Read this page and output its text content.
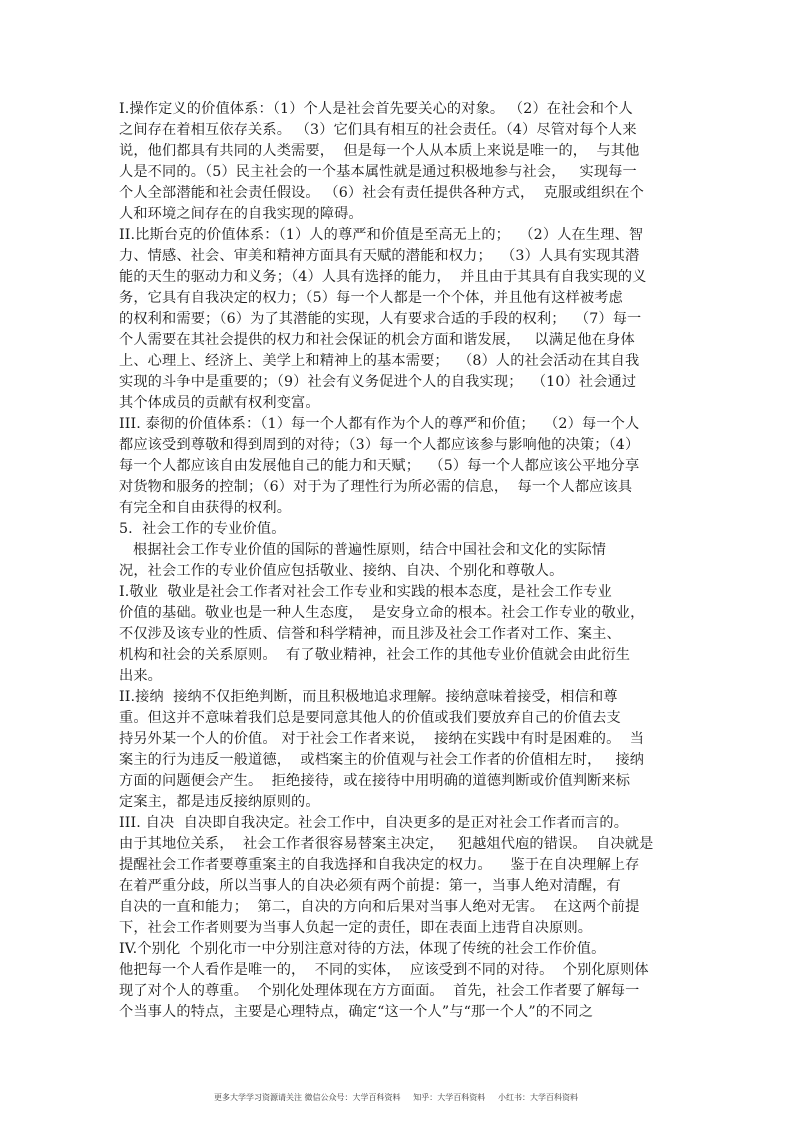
I.操作定义的价值体系：（1）个人是社会首先要关心的对象。 （2）在社会和个人
之间存在着相互依存关系。 （3）它们具有相互的社会责任。（4）尽管对每个人来
说，他们都具有共同的人类需要，  但是每一个人从本质上来说是唯一的，  与其他
人是不同的。（5）民主社会的一个基本属性就是通过积极地参与社会，   实现每一
个人全部潜能和社会责任假设。 （6）社会有责任提供各种方式，  克服或组织在个
人和环境之间存在的自我实现的障碍。
II.比斯台克的价值体系：（1）人的尊严和价值是至高无上的；  （2）人在生理、智
力、情感、社会、审美和精神方面具有天赋的潜能和权力；  （3）人具有实现其潜
能的天生的驱动力和义务；（4）人具有选择的能力，  并且由于其具有自我实现的义
务，它具有自我决定的权力；（5）每一个人都是一个个体，并且他有这样被考虑
的权利和需要；（6）为了其潜能的实现，人有要求合适的手段的权利；  （7）每一
个人需要在其社会提供的权力和社会保证的机会方面和谐发展，   以满足他在身体
上、心理上、经济上、美学上和精神上的基本需要；  （8）人的社会活动在其自我
实现的斗争中是重要的；（9）社会有义务促进个人的自我实现；  （10）社会通过
其个体成员的贡献有权利变富。
III. 泰彻的价值体系：（1）每一个人都有作为个人的尊严和价值；  （2）每一个人
都应该受到尊敬和得到周到的对待；（3）每一个人都应该参与影响他的决策；（4）
每一个人都应该自由发展他自己的能力和天赋；  （5）每一个人都应该公平地分享
对货物和服务的控制；（6）对于为了理性行为所必需的信息，  每一个人都应该具
有完全和自由获得的权利。
5.  社会工作的专业价值。
根据社会工作专业价值的国际的普遍性原则，结合中国社会和文化的实际情
况，社会工作的专业价值应包括敬业、接纳、自决、个别化和尊敬人。
I.敬业  敬业是社会工作者对社会工作专业和实践的根本态度，是社会工作专业
价值的基础。敬业也是一种人生态度，  是安身立命的根本。社会工作专业的敬业，
不仅涉及该专业的性质、信誉和科学精神，而且涉及社会工作者对工作、案主、
机构和社会的关系原则。  有了敬业精神，社会工作的其他专业价值就会由此衍生
出来。
II.接纳  接纳不仅拒绝判断，而且积极地追求理解。接纳意味着接受，相信和尊
重。但这并不意味着我们总是要同意其他人的价值或我们要放弃自己的价值去支
持另外某一个人的价值。 对于社会工作者来说，  接纳在实践中有时是困难的。  当
案主的行为违反一般道德，  或档案主的价值观与社会工作者的价值相左时，   接纳
方面的问题便会产生。  拒绝接待，或在接待中用明确的道德判断或价值判断来标
定案主，都是违反接纳原则的。
III. 自决  自决即自我决定。社会工作中，自决更多的是正对社会工作者而言的。
由于其地位关系，  社会工作者很容易替案主决定，   犯越俎代庖的错误。  自决就是
提醒社会工作者要尊重案主的自我选择和自我决定的权力。    鉴于在自决理解上存
在着严重分歧，所以当事人的自决必须有两个前提：第一，当事人绝对清醒，有
自决的一直和能力；  第二，自决的方向和后果对当事人绝对无害。  在这两个前提
下，社会工作者则要为当事人负起一定的责任，即在表面上违背自决原则。
IV.个别化  个别化市一中分别注意对待的方法，体现了传统的社会工作价值。
他把每一个人看作是唯一的，  不同的实体，  应该受到不同的对待。  个别化原则体
现了对个人的尊重。  个别化处理体现在方方面面。  首先，社会工作者要了解每一
个当事人的特点，主要是心理特点，确定“这一个人”与“那一个人”的不同之
更多大学学习资源请关注 微信公众号：大学百科资料     知乎：大学百科资料     小红书：大学百科资料
